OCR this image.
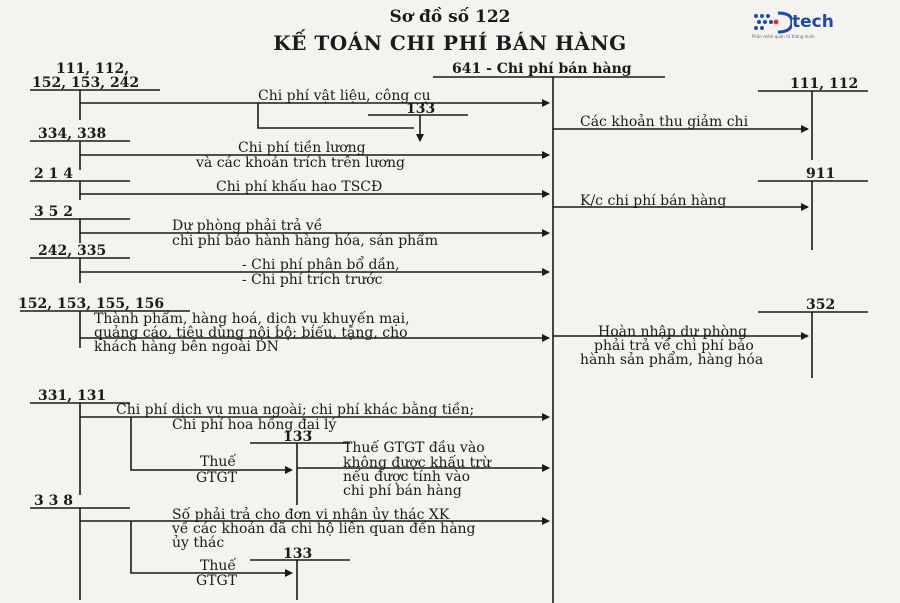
tech
Phần mềm quản trị thông minh
Sơ đồ số 122
KẾ TOÁN CHI PHÍ BÁN HÀNG
641 - Chi phí bán hàng
111, 112,
152, 153, 242
334, 338
2 1 4
3 5 2
242, 335
152, 153, 155, 156
331, 131
3 3 8
Chi phí vật liệu, công cụ
133
Chi phí tiền lương
và các khoản trích trên lương
Chi phí khấu hao TSCĐ
Dự phòng phải trả về
chi phí bảo hành hàng hóa, sản phẩm
- Chi phí phân bổ dần,
- Chi phí trích trước
Thành phẩm, hàng hoá, dịch vụ khuyến mại,
quảng cáo, tiêu dùng nội bộ; biếu, tặng, cho
khách hàng bên ngoài DN
Chi phí dịch vụ mua ngoài; chi phí khác bằng tiền;
Chi phí hoa hồng đại lý
133
Thuế
GTGT
Thuế GTGT đầu vào
không được khấu trừ
nếu được tính vào
chi phí bán hàng
Số phải trả cho đơn vị nhận ủy thác XK
về các khoản đã chi hộ liên quan đến hàng
ủy thác
133
Thuế
GTGT
111, 112
911
352
Các khoản thu giảm chi
K/c chi phí bán hàng
Hoàn nhập dự phòng
phải trả về chi phí bảo
hành sản phẩm, hàng hóa
